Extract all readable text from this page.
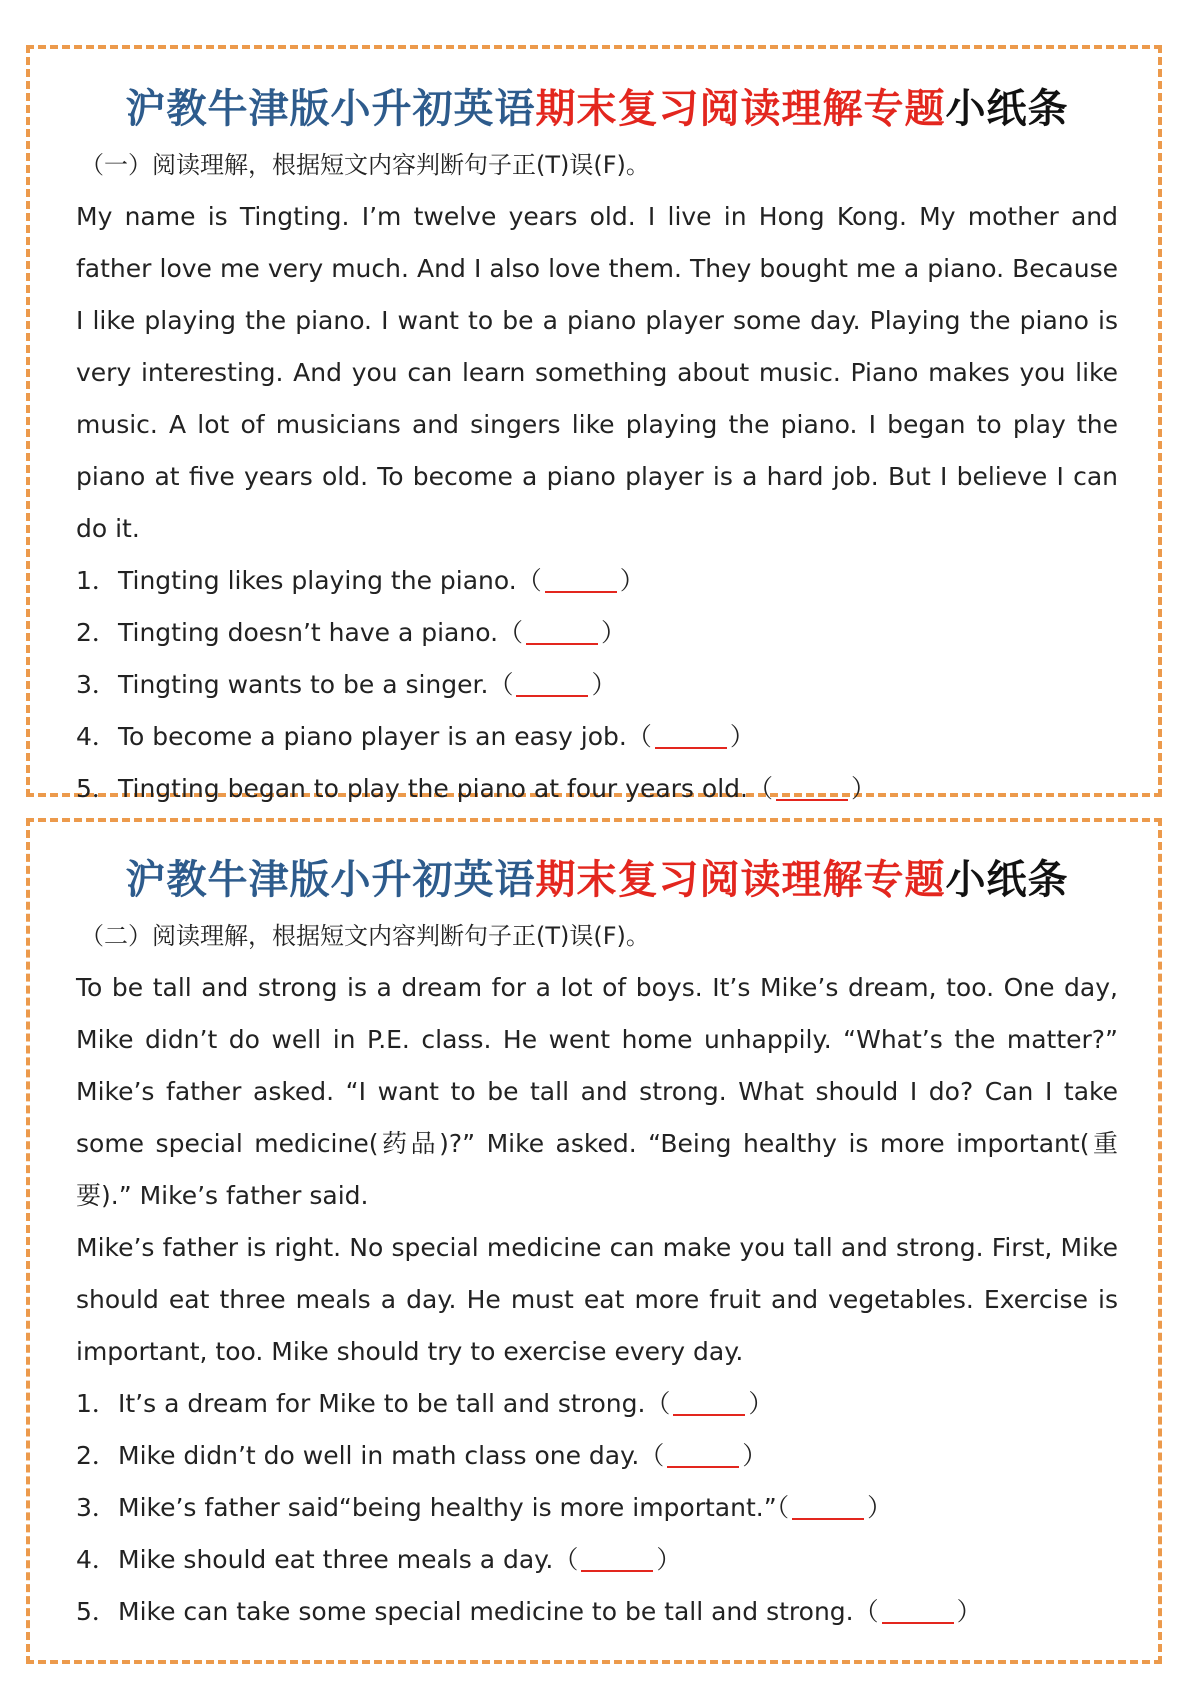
沪教牛津版小升初英语期末复习阅读理解专题小纸条
（一）阅读理解，根据短文内容判断句子正(T)误(F)。

My name is Tingting. I’m twelve years old. I live in Hong Kong. My mother and father love me very much. And I also love them. They bought me a piano. Because I like playing the piano. I want to be a piano player some day. Playing the piano is very interesting. And you can learn something about music. Piano makes you like music. A lot of musicians and singers like playing the piano. I began to play the piano at five years old. To become a piano player is a hard job. But I believe I can do it.

1．Tingting likes playing the piano.（	）
2．Tingting doesn’t have a piano.（	）
3．Tingting wants to be a singer.（	）
4．To become a piano player is an easy job.（	）
5．Tingting began to play the piano at four years old.（	）
沪教牛津版小升初英语期末复习阅读理解专题小纸条
（二）阅读理解，根据短文内容判断句子正(T)误(F)。

To be tall and strong is a dream for a lot of boys. It’s Mike’s dream, too. One day, Mike didn’t do well in P.E. class. He went home unhappily. “What’s the matter?” Mike’s father asked. “I want to be tall and strong. What should I do? Can I take some special medicine(药品)?” Mike asked. “Being healthy is more important(重要).” Mike’s father said.

Mike’s father is right. No special medicine can make you tall and strong. First, Mike should eat three meals a day. He must eat more fruit and vegetables. Exercise is important, too. Mike should try to exercise every day.

1．It’s a dream for Mike to be tall and strong.（	）
2．Mike didn’t do well in math class one day.（	）
3．Mike’s father said“being healthy is more important.”（	）
4．Mike should eat three meals a day.（	）
5．Mike can take some special medicine to be tall and strong.（	）
